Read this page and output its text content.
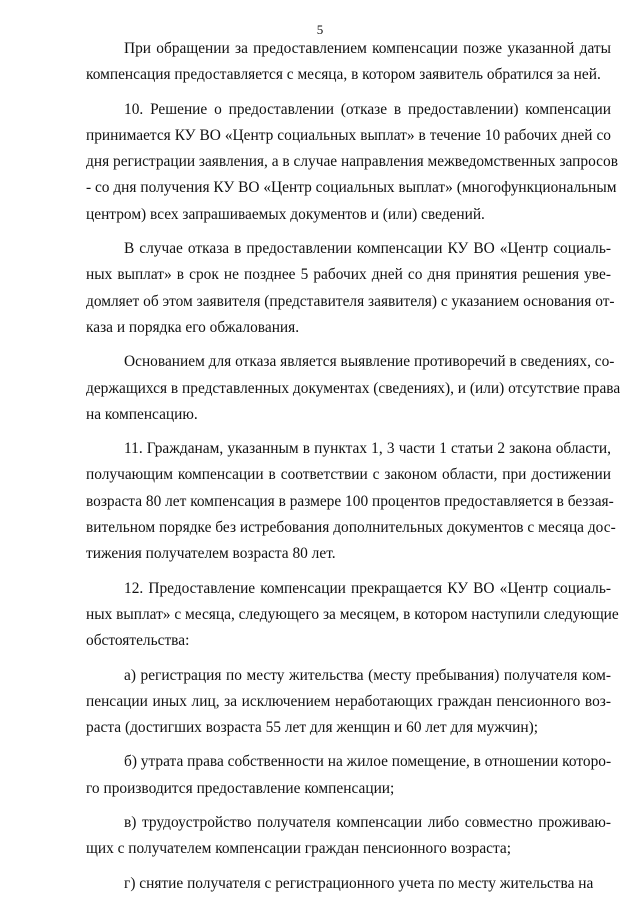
5
При обращении за предоставлением компенсации позже указанной даты
компенсация предоставляется с месяца, в котором заявитель обратился за ней.
10. Решение о предоставлении (отказе в предоставлении) компенсации
принимается КУ ВО «Центр социальных выплат» в течение 10 рабочих дней со
дня регистрации заявления, а в случае направления межведомственных запросов
- со дня получения КУ ВО «Центр социальных выплат» (многофункциональным
центром) всех запрашиваемых документов и (или) сведений.
В случае отказа в предоставлении компенсации КУ ВО «Центр социаль-
ных выплат» в срок не позднее 5 рабочих дней со дня принятия решения уве-
домляет об этом заявителя (представителя заявителя) с указанием основания от-
каза и порядка его обжалования.
Основанием для отказа является выявление противоречий в сведениях, со-
держащихся в представленных документах (сведениях), и (или) отсутствие права
на компенсацию.
11. Гражданам, указанным в пунктах 1, 3 части 1 статьи 2 закона области,
получающим компенсации в соответствии с законом области, при достижении
возраста 80 лет компенсация в размере 100 процентов предоставляется в беззая-
вительном порядке без истребования дополнительных документов с месяца дос-
тижения получателем возраста 80 лет.
12. Предоставление компенсации прекращается КУ ВО «Центр социаль-
ных выплат» с месяца, следующего за месяцем, в котором наступили следующие
обстоятельства:
а) регистрация по месту жительства (месту пребывания) получателя ком-
пенсации иных лиц, за исключением неработающих граждан пенсионного воз-
раста (достигших возраста 55 лет для женщин и 60 лет для мужчин);
б) утрата права собственности на жилое помещение, в отношении которо-
го производится предоставление компенсации;
в) трудоустройство получателя компенсации либо совместно проживаю-
щих с получателем компенсации граждан пенсионного возраста;
г) снятие получателя с регистрационного учета по месту жительства на
